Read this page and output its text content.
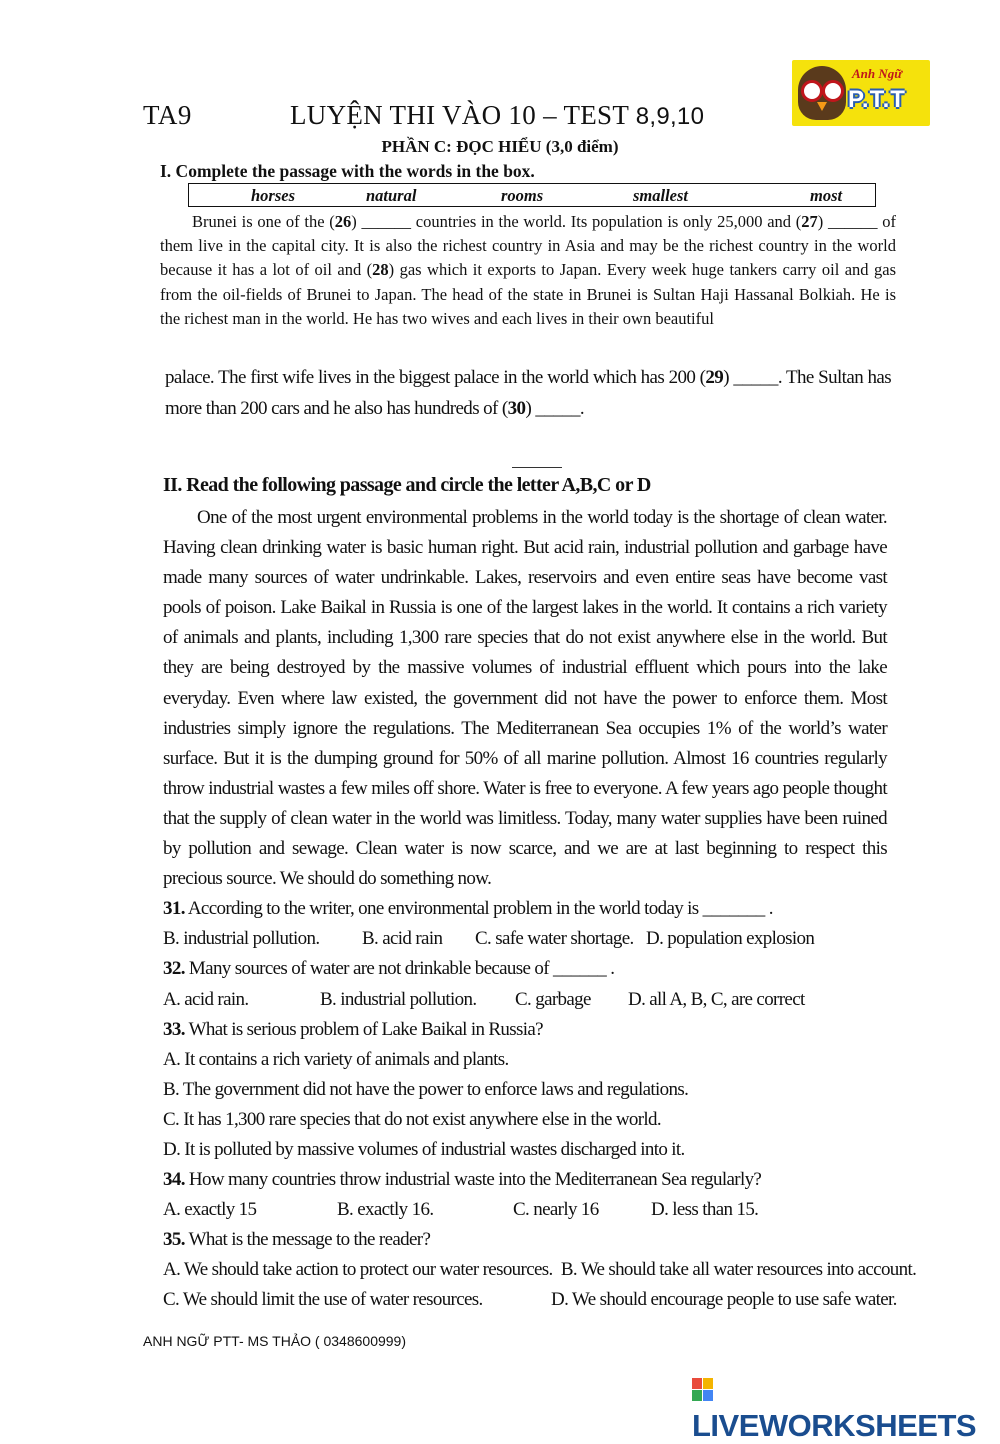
TA9	LUYỆN THI VÀO 10 – TEST 8,9,10
Anh Ngữ
P.T.T
PHẦN C: ĐỌC HIỂU (3,0 điểm)
I. Complete the passage with the words in the box.
horses	natural	rooms	smallest	most
Brunei is one of the (26) ______ countries in the world. Its population is only 25,000 and (27) ______ of them live in the capital city. It is also the richest country in Asia and may be the richest country in the world because it has a lot of oil and (28) gas which it exports to Japan. Every week huge tankers carry oil and gas from the oil-fields of Brunei to Japan. The head of the state in Brunei is Sultan Haji Hassanal Bolkiah. He is the richest man in the world. He has two wives and each lives in their own beautiful
palace. The first wife lives in the biggest palace in the world which has 200 (29) _____. The Sultan has more than 200 cars and he also has hundreds of (30) _____.
II. Read the following passage and circle the letter A,B,C or D
One of the most urgent environmental problems in the world today is the shortage of clean water. Having clean drinking water is basic human right. But acid rain, industrial pollution and garbage have made many sources of water undrinkable. Lakes, reservoirs and even entire seas have become vast pools of poison. Lake Baikal in Russia is one of the largest lakes in the world. It contains a rich variety of animals and plants, including 1,300 rare species that do not exist anywhere else in the world. But they are being destroyed by the massive volumes of industrial effluent which pours into the lake everyday. Even where law existed, the government did not have the power to enforce them. Most industries simply ignore the regulations. The Mediterranean Sea occupies 1% of the world’s water surface. But it is the dumping ground for 50% of all marine pollution. Almost 16 countries regularly throw industrial wastes a few miles off shore. Water is free to everyone. A few years ago people thought that the supply of clean water in the world was limitless. Today, many water supplies have been ruined by pollution and sewage. Clean water is now scarce, and we are at last beginning to respect this precious source. We should do something now.
31. According to the writer, one environmental problem in the world today is _______ .
B. industrial pollution. B. acid rain C. safe water shortage. D. population explosion
32. Many sources of water are not drinkable because of ______ .
A. acid rain.	B. industrial pollution. C. garbage D. all A, B, C, are correct
33. What is serious problem of Lake Baikal in Russia?
A. It contains a rich variety of animals and plants.
B. The government did not have the power to enforce laws and regulations.
C. It has 1,300 rare species that do not exist anywhere else in the world.
D. It is polluted by massive volumes of industrial wastes discharged into it.
34. How many countries throw industrial waste into the Mediterranean Sea regularly?
A. exactly 15	B. exactly 16.	C. nearly 16	D. less than 15.
35. What is the message to the reader?
A. We should take action to protect our water resources. B. We should take all water resources into account.
C. We should limit the use of water resources.	D. We should encourage people to use safe water.
ANH NGỮ PTT- MS THẢO ( 0348600999)
LIVEWORKSHEETS
